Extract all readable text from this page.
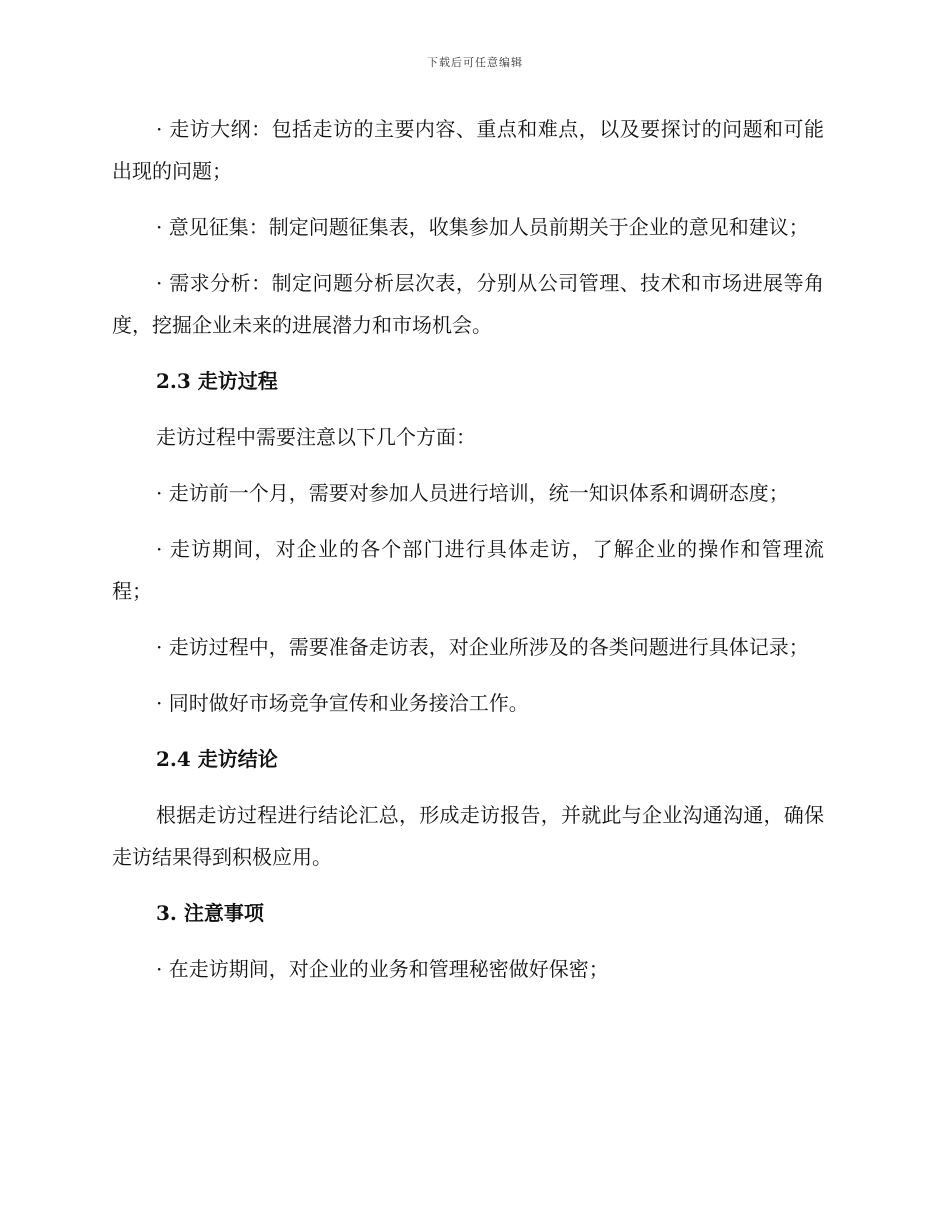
下载后可任意编辑

· 走访大纲：包括走访的主要内容、重点和难点，以及要探讨的问题和可能出现的问题；

· 意见征集：制定问题征集表，收集参加人员前期关于企业的意见和建议；

· 需求分析：制定问题分析层次表，分别从公司管理、技术和市场进展等角度，挖掘企业未来的进展潜力和市场机会。

2.3 走访过程

走访过程中需要注意以下几个方面：

· 走访前一个月，需要对参加人员进行培训，统一知识体系和调研态度；

· 走访期间，对企业的各个部门进行具体走访，了解企业的操作和管理流程；

· 走访过程中，需要准备走访表，对企业所涉及的各类问题进行具体记录；

· 同时做好市场竞争宣传和业务接洽工作。

2.4 走访结论

根据走访过程进行结论汇总，形成走访报告，并就此与企业沟通沟通，确保走访结果得到积极应用。

3. 注意事项

· 在走访期间，对企业的业务和管理秘密做好保密；
